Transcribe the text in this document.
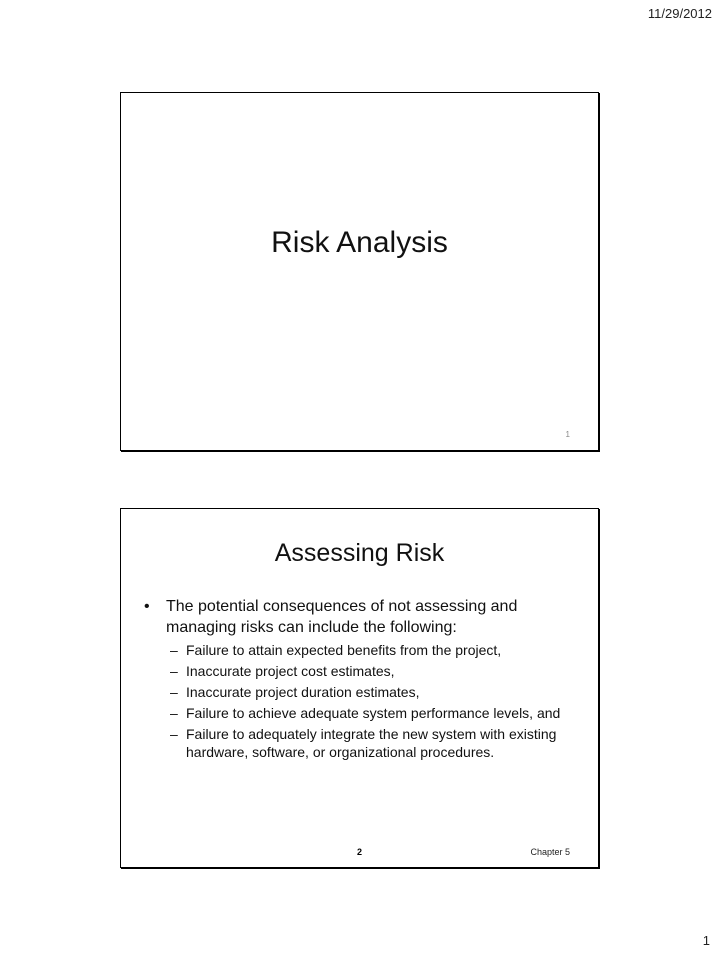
11/29/2012
Risk Analysis
1
Assessing Risk
•	The potential consequences of not assessing and managing risks can include the following:
– Failure to attain expected benefits from the project,
– Inaccurate project cost estimates,
– Inaccurate project duration estimates,
– Failure to achieve adequate system performance levels, and
– Failure to adequately integrate the new system with existing hardware, software, or organizational procedures.
2	Chapter 5
1
